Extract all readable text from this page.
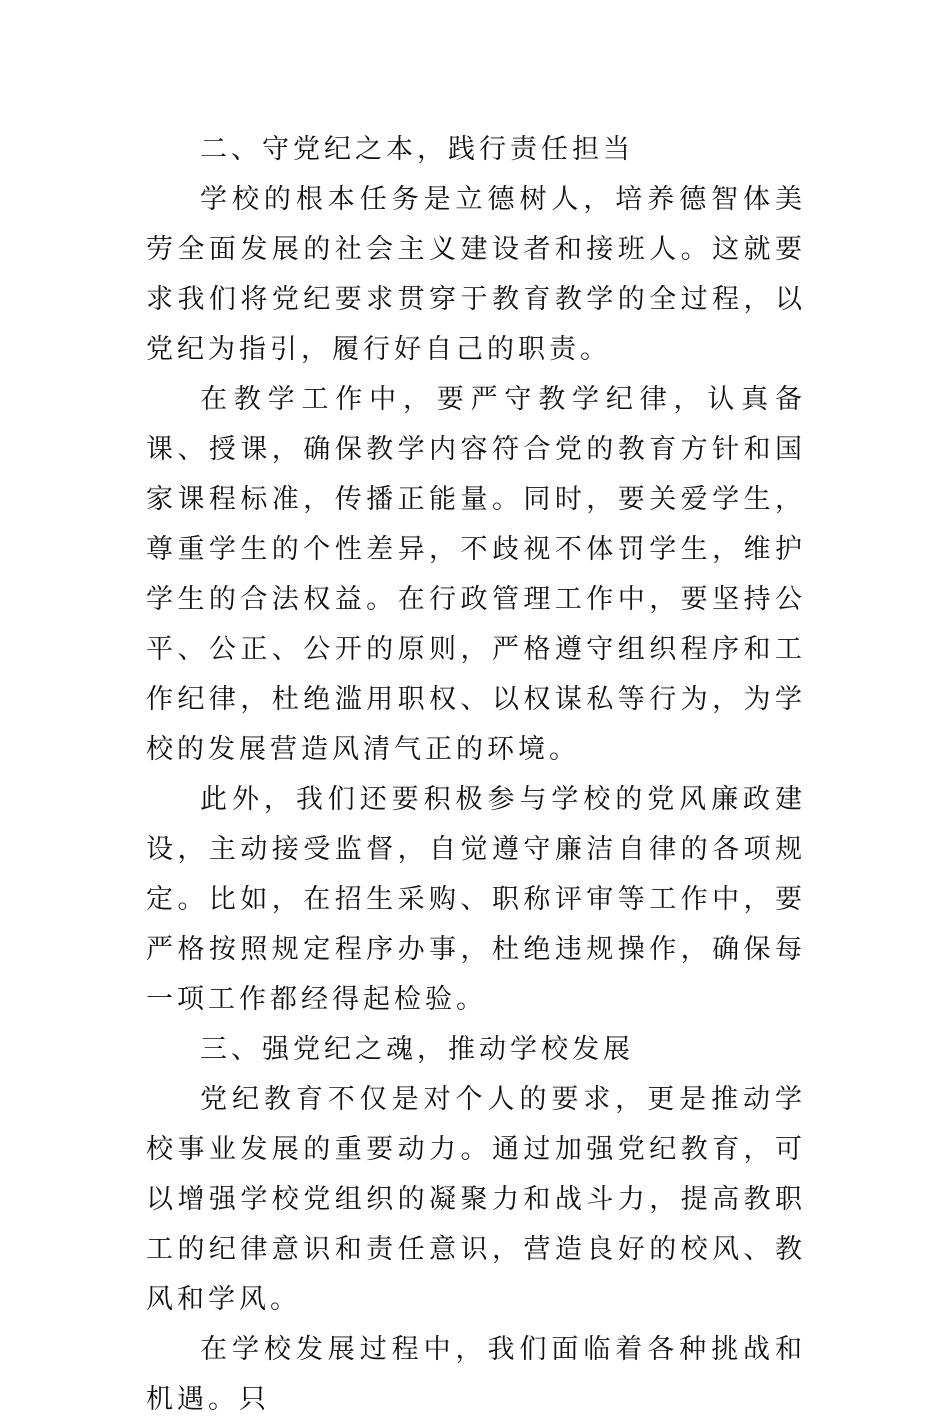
二、守党纪之本，践行责任担当

学校的根本任务是立德树人，培养德智体美劳全面发展的社会主义建设者和接班人。这就要求我们将党纪要求贯穿于教育教学的全过程，以党纪为指引，履行好自己的职责。

在教学工作中，要严守教学纪律，认真备课、授课，确保教学内容符合党的教育方针和国家课程标准，传播正能量。同时，要关爱学生，尊重学生的个性差异，不歧视不体罚学生，维护学生的合法权益。在行政管理工作中，要坚持公平、公正、公开的原则，严格遵守组织程序和工作纪律，杜绝滥用职权、以权谋私等行为，为学校的发展营造风清气正的环境。

此外，我们还要积极参与学校的党风廉政建设，主动接受监督，自觉遵守廉洁自律的各项规定。比如，在招生采购、职称评审等工作中，要严格按照规定程序办事，杜绝违规操作，确保每一项工作都经得起检验。

三、强党纪之魂，推动学校发展

党纪教育不仅是对个人的要求，更是推动学校事业发展的重要动力。通过加强党纪教育，可以增强学校党组织的凝聚力和战斗力，提高教职工的纪律意识和责任意识，营造良好的校风、教风和学风。

在学校发展过程中，我们面临着各种挑战和机遇。只
